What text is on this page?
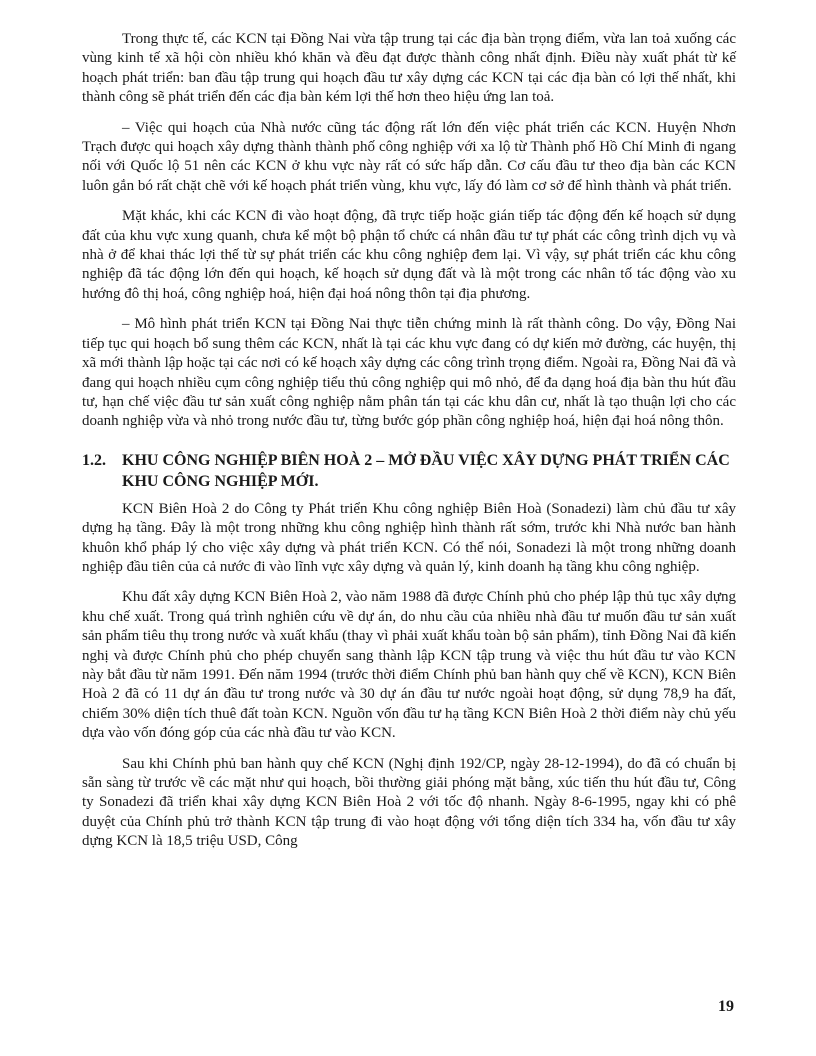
Trong thực tế, các KCN tại Đồng Nai vừa tập trung tại các địa bàn trọng điểm, vừa lan toả xuống các vùng kinh tế xã hội còn nhiều khó khăn và đều đạt được thành công nhất định. Điều này xuất phát từ kế hoạch phát triển: ban đầu tập trung qui hoạch đầu tư xây dựng các KCN tại các địa bàn có lợi thế nhất, khi thành công sẽ phát triển đến các địa bàn kém lợi thế hơn theo hiệu ứng lan toả.

– Việc qui hoạch của Nhà nước cũng tác động rất lớn đến việc phát triển các KCN. Huyện Nhơn Trạch được qui hoạch xây dựng thành thành phố công nghiệp với xa lộ từ Thành phố Hồ Chí Minh đi ngang nối với Quốc lộ 51 nên các KCN ở khu vực này rất có sức hấp dẫn. Cơ cấu đầu tư theo địa bàn các KCN luôn gắn bó rất chặt chẽ với kế hoạch phát triển vùng, khu vực, lấy đó làm cơ sở để hình thành và phát triển.

Mặt khác, khi các KCN đi vào hoạt động, đã trực tiếp hoặc gián tiếp tác động đến kế hoạch sử dụng đất của khu vực xung quanh, chưa kể một bộ phận tổ chức cá nhân đầu tư tự phát các công trình dịch vụ và nhà ở để khai thác lợi thế từ sự phát triển các khu công nghiệp đem lại. Vì vậy, sự phát triển các khu công nghiệp đã tác động lớn đến qui hoạch, kế hoạch sử dụng đất và là một trong các nhân tố tác động vào xu hướng đô thị hoá, công nghiệp hoá, hiện đại hoá nông thôn tại địa phương.

– Mô hình phát triển KCN tại Đồng Nai thực tiễn chứng minh là rất thành công. Do vậy, Đồng Nai tiếp tục qui hoạch bổ sung thêm các KCN, nhất là tại các khu vực đang có dự kiến mở đường, các huyện, thị xã mới thành lập hoặc tại các nơi có kế hoạch xây dựng các công trình trọng điểm. Ngoài ra, Đồng Nai đã và đang qui hoạch nhiều cụm công nghiệp tiểu thủ công nghiệp qui mô nhỏ, để đa dạng hoá địa bàn thu hút đầu tư, hạn chế việc đầu tư sản xuất công nghiệp nằm phân tán tại các khu dân cư, nhất là tạo thuận lợi cho các doanh nghiệp vừa và nhỏ trong nước đầu tư, từng bước góp phần công nghiệp hoá, hiện đại hoá nông thôn.

1.2.	KHU CÔNG NGHIỆP BIÊN HOÀ 2 – MỞ ĐẦU VIỆC XÂY DỰNG PHÁT TRIỂN CÁC KHU CÔNG NGHIỆP MỚI.

KCN Biên Hoà 2 do Công ty Phát triển Khu công nghiệp Biên Hoà (Sonadezi) làm chủ đầu tư xây dựng hạ tầng. Đây là một trong những khu công nghiệp hình thành rất sớm, trước khi Nhà nước ban hành khuôn khổ pháp lý cho việc xây dựng và phát triển KCN. Có thể nói, Sonadezi là một trong những doanh nghiệp đầu tiên của cả nước đi vào lĩnh vực xây dựng và quản lý, kinh doanh hạ tầng khu công nghiệp.

Khu đất xây dựng KCN Biên Hoà 2, vào năm 1988 đã được Chính phủ cho phép lập thủ tục xây dựng khu chế xuất. Trong quá trình nghiên cứu về dự án, do nhu cầu của nhiều nhà đầu tư muốn đầu tư sản xuất sản phẩm tiêu thụ trong nước và xuất khẩu (thay vì phải xuất khẩu toàn bộ sản phẩm), tỉnh Đồng Nai đã kiến nghị và được Chính phủ cho phép chuyển sang thành lập KCN tập trung và việc thu hút đầu tư vào KCN này bắt đầu từ năm 1991. Đến năm 1994 (trước thời điểm Chính phủ ban hành quy chế về KCN), KCN Biên Hoà 2 đã có 11 dự án đầu tư trong nước và 30 dự án đầu tư nước ngoài hoạt động, sử dụng 78,9 ha đất, chiếm 30% diện tích thuê đất toàn KCN. Nguồn vốn đầu tư hạ tầng KCN Biên Hoà 2 thời điểm này chủ yếu dựa vào vốn đóng góp của các nhà đầu tư vào KCN.

Sau khi Chính phủ ban hành quy chế KCN (Nghị định 192/CP, ngày 28-12-1994), do đã có chuẩn bị sẵn sàng từ trước về các mặt như qui hoạch, bồi thường giải phóng mặt bằng, xúc tiến thu hút đầu tư, Công ty Sonadezi đã triển khai xây dựng KCN Biên Hoà 2 với tốc độ nhanh. Ngày 8-6-1995, ngay khi có phê duyệt của Chính phủ trở thành KCN tập trung đi vào hoạt động với tổng diện tích 334 ha, vốn đầu tư xây dựng KCN là 18,5 triệu USD, Công

19
